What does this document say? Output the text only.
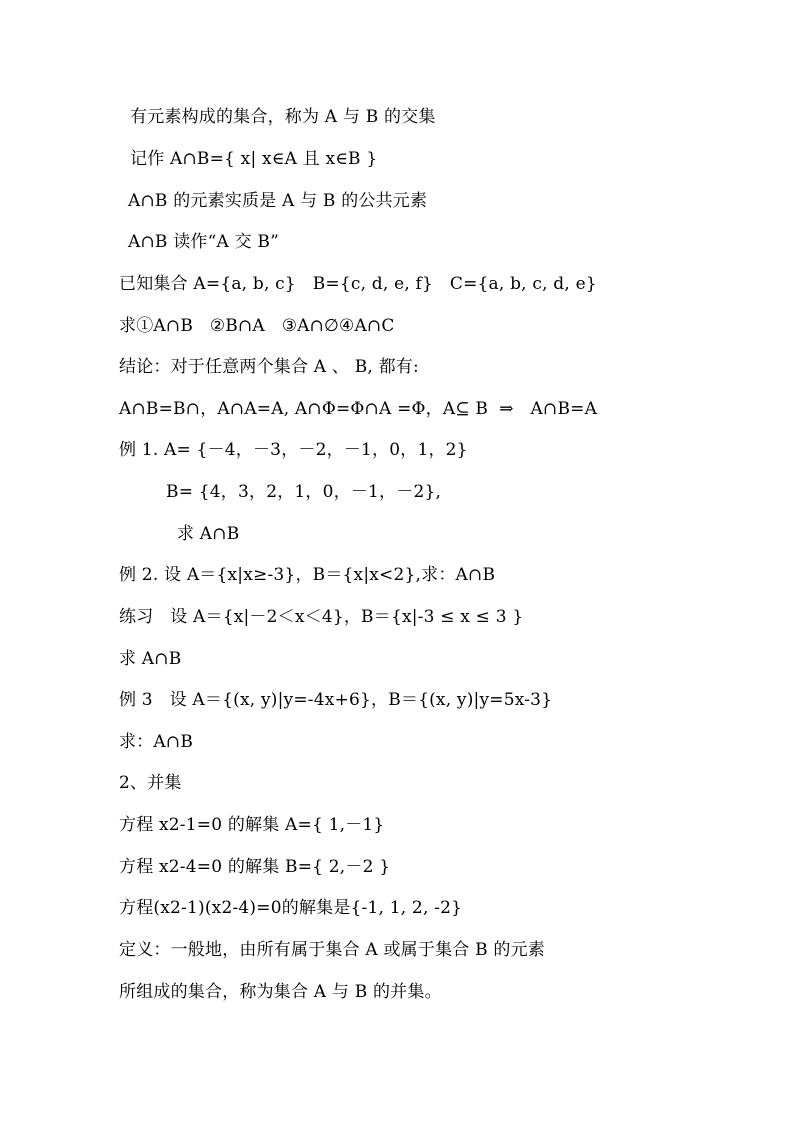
有元素构成的集合，称为 A 与 B 的交集
记作 A∩B={ x| x∈A 且 x∈B }
A∩B 的元素实质是 A 与 B 的公共元素
A∩B 读作“A 交 B”
已知集合 A={a, b, c}   B={c, d, e, f}   C={a, b, c, d, e}
求①A∩B   ②B∩A   ③A∩∅④A∩C
结论：对于任意两个集合 A 、 B, 都有:
A∩B=B∩，A∩A=A, A∩Φ=Φ∩A =Φ，A⊆ B  ⇒   A∩B=A
例 1. A= {－4，－3，－2，－1，0，1，2}
B= {4，3，2，1，0，－1，－2},
求 A∩B
例 2. 设 A＝{x|x≥-3}，B＝{x|x<2},求：A∩B
练习   设 A＝{x|－2＜x＜4}，B＝{x|-3 ≤ x ≤ 3 }
求 A∩B
例 3   设 A＝{(x, y)|y=-4x+6}，B＝{(x, y)|y=5x-3}
求：A∩B
2、并集
方程 x2-1=0 的解集 A={ 1,－1}
方程 x2-4=0 的解集 B={ 2,－2 }
方程(x2-1)(x2-4)=0的解集是{-1, 1, 2, -2}
定义：一般地，由所有属于集合 A 或属于集合 B 的元素
所组成的集合，称为集合 A 与 B 的并集。
